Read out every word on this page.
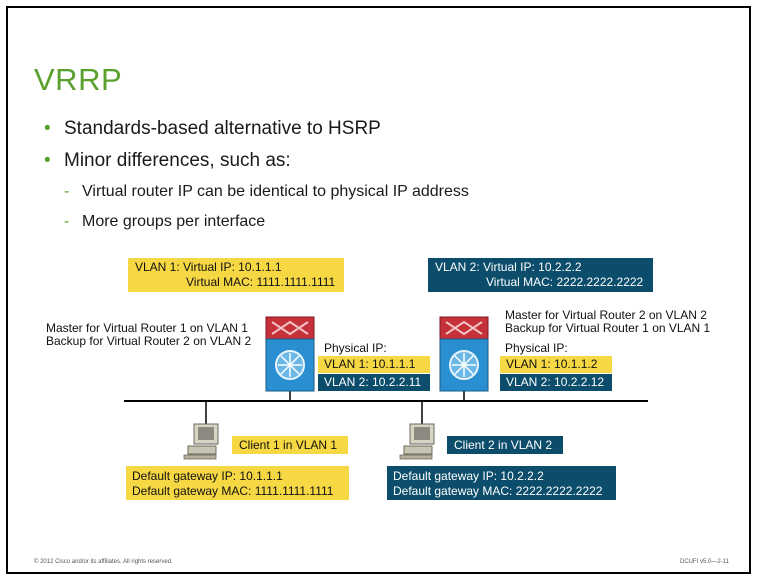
VRRP
• Standards-based alternative to HSRP
• Minor differences, such as:
- Virtual router IP can be identical to physical IP address
- More groups per interface
VLAN 1: Virtual IP: 10.1.1.1
Virtual MAC: 1111.1111.1111
VLAN 2: Virtual IP: 10.2.2.2
Virtual MAC: 2222.2222.2222
Master for Virtual Router 1 on VLAN 1
Backup for Virtual Router 2 on VLAN 2
Master for Virtual Router 2 on VLAN 2
Backup for Virtual Router 1 on VLAN 1
Physical IP:	Physical IP:
VLAN 1: 10.1.1.1
VLAN 2: 10.2.2.11
VLAN 1: 10.1.1.2
VLAN 2: 10.2.2.12
Client 1 in VLAN 1	Client 2 in VLAN 2
Default gateway IP: 10.1.1.1
Default gateway MAC: 1111.1111.1111
Default gateway IP: 10.2.2.2
Default gateway MAC: 2222.2222.2222
© 2012 Cisco and/or its affiliates. All rights reserved.	DCUFI v5.0—2-11
